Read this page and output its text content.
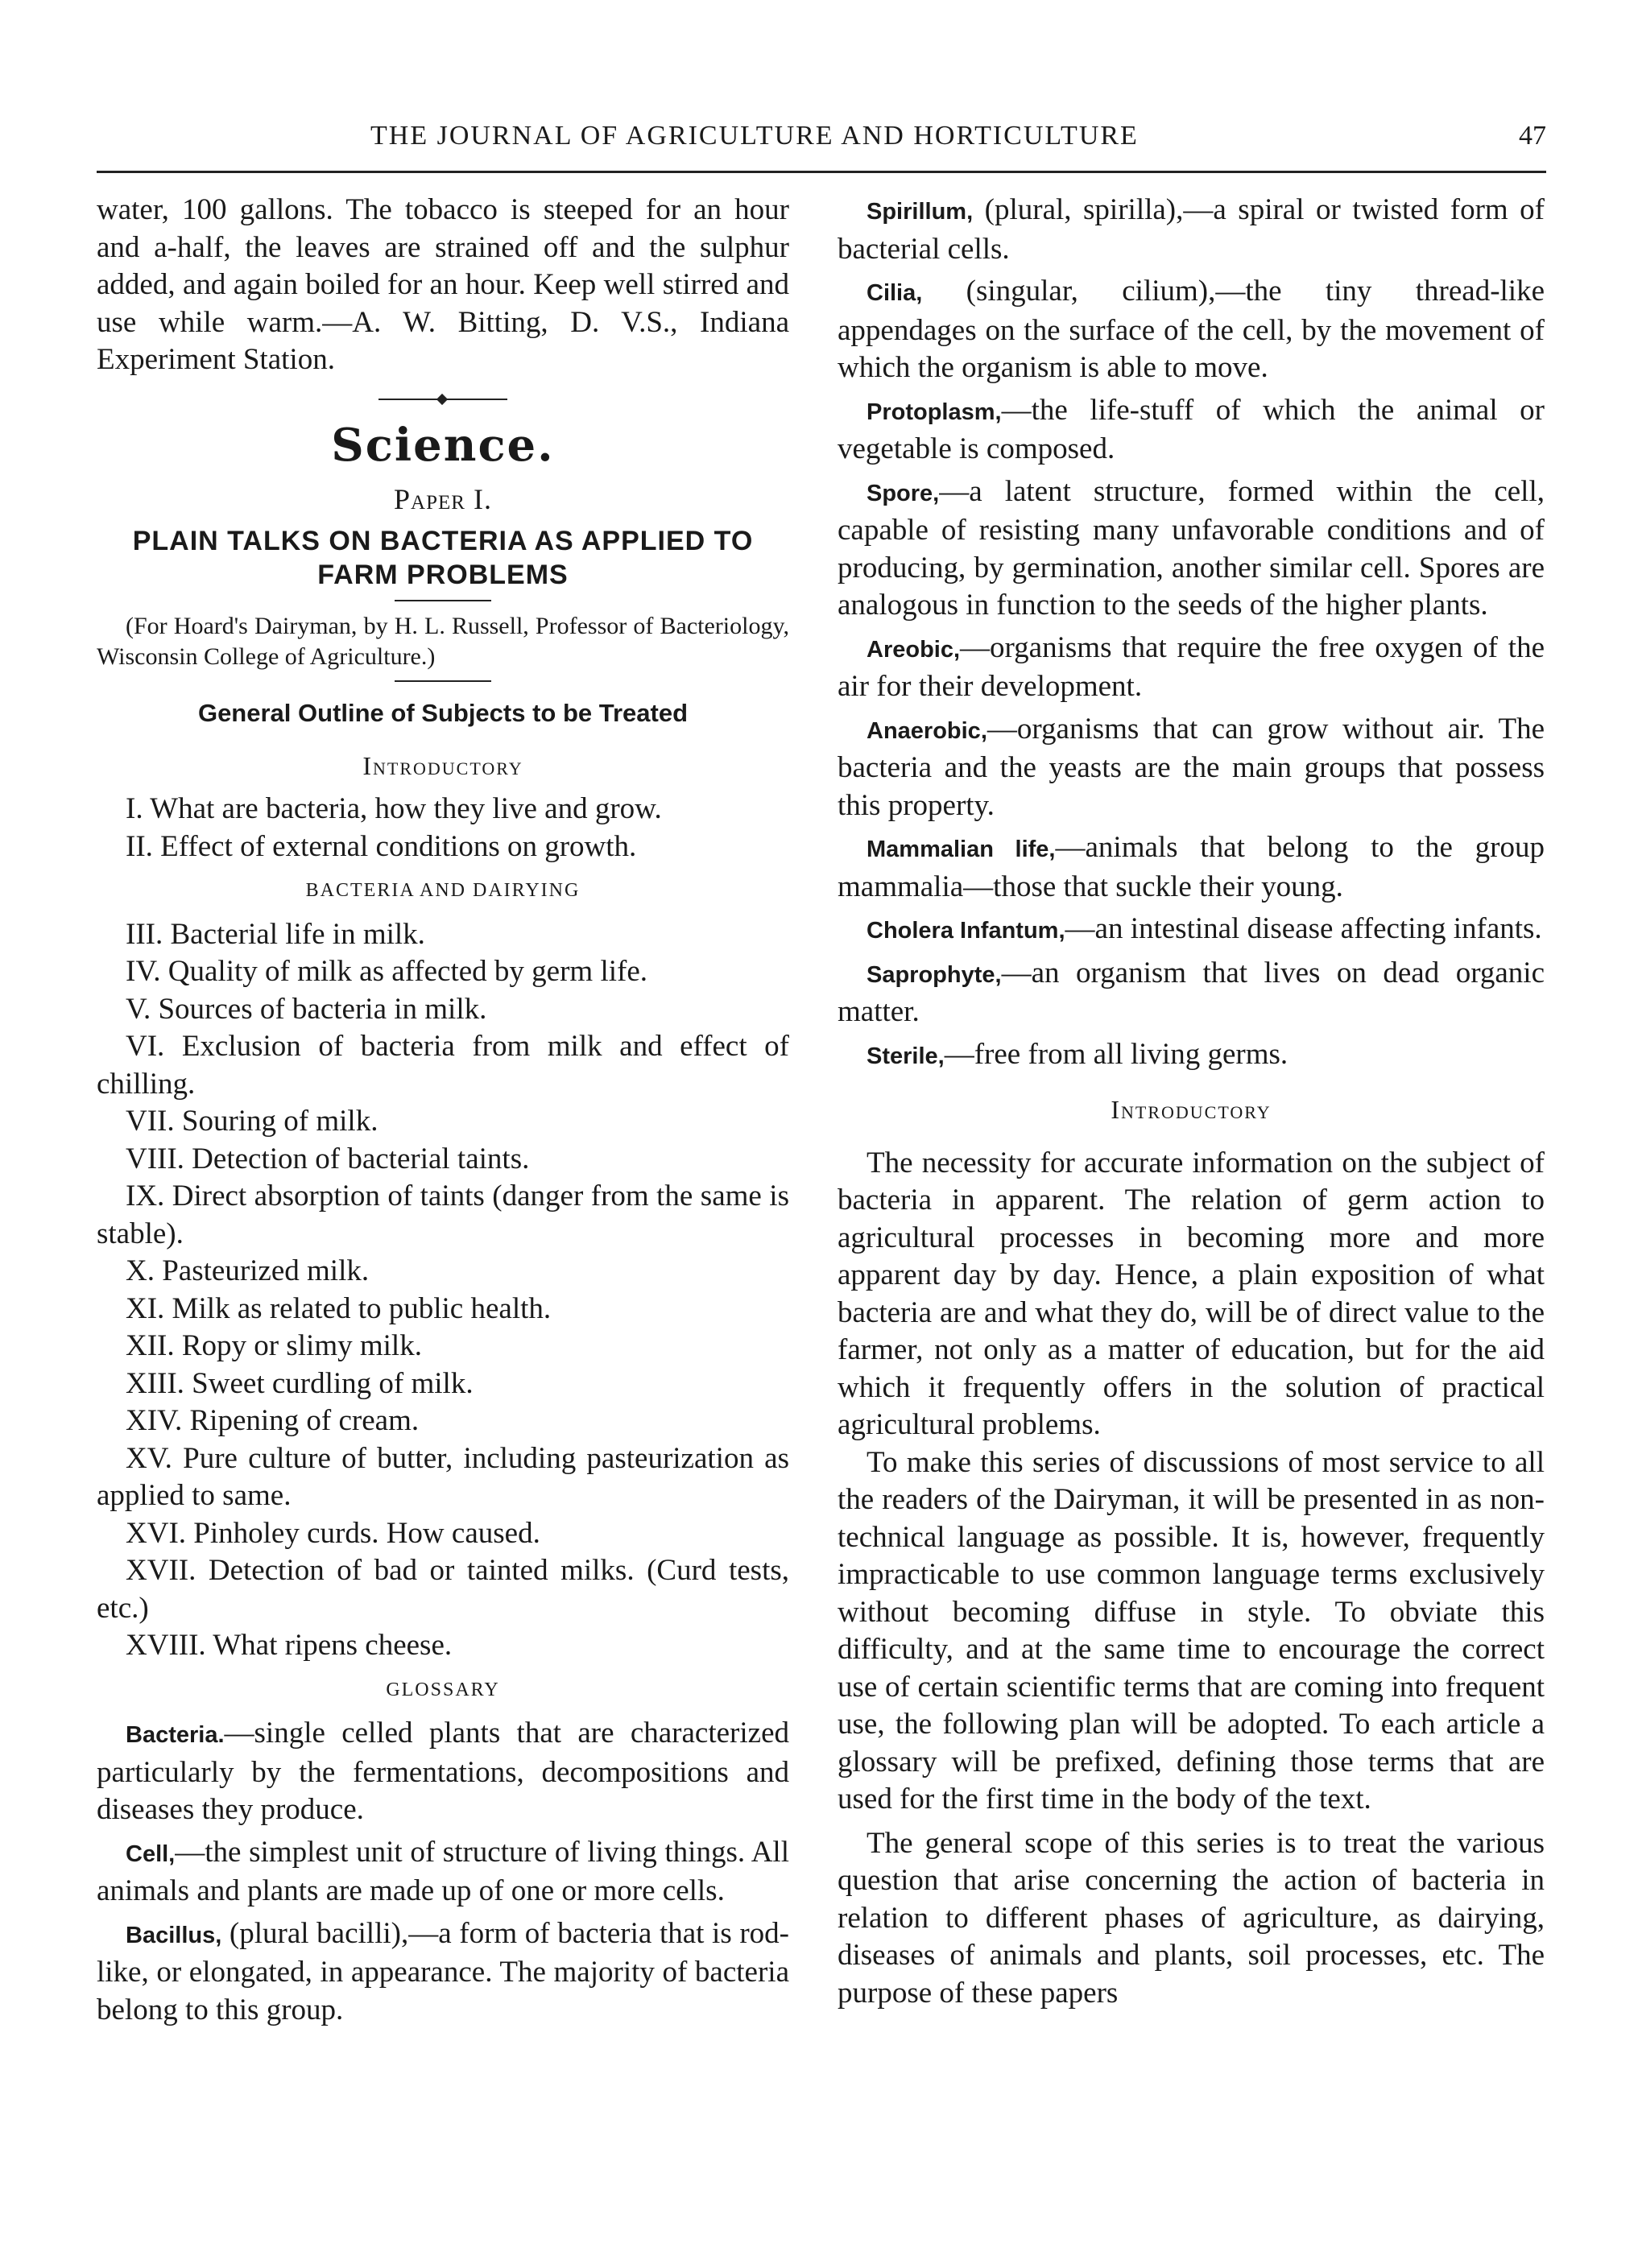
THE JOURNAL OF AGRICULTURE AND HORTICULTURE	47

water, 100 gallons. The tobacco is steeped for an hour and a-half, the leaves are strained off and the sulphur added, and again boiled for an hour. Keep well stirred and use while warm.—A. W. Bitting, D. V.S., Indiana Experiment Station.

Science.
Paper I.
PLAIN TALKS ON BACTERIA AS APPLIED TO FARM PROBLEMS

(For Hoard's Dairyman, by H. L. Russell, Professor of Bacteriology, Wisconsin College of Agriculture.)

General Outline of Subjects to be Treated
Introductory

I. What are bacteria, how they live and grow.

II. Effect of external conditions on growth.

BACTERIA AND DAIRYING

III. Bacterial life in milk.

IV. Quality of milk as affected by germ life.

V. Sources of bacteria in milk.

VI. Exclusion of bacteria from milk and effect of chilling.

VII. Souring of milk.

VIII. Detection of bacterial taints.

IX. Direct absorption of taints (danger from the same is stable).

X. Pasteurized milk.

XI. Milk as related to public health.

XII. Ropy or slimy milk.

XIII. Sweet curdling of milk.

XIV. Ripening of cream.

XV. Pure culture of butter, including pasteurization as applied to same.

XVI. Pinholey curds. How caused.

XVII. Detection of bad or tainted milks. (Curd tests, etc.)

XVIII. What ripens cheese.

GLOSSARY

Bacteria.—single celled plants that are characterized particularly by the fermentations, decompositions and diseases they produce.

Cell,—the simplest unit of structure of living things. All animals and plants are made up of one or more cells.

Bacillus, (plural bacilli),—a form of bacteria that is rod-like, or elongated, in appearance. The majority of bacteria belong to this group.

Spirillum, (plural, spirilla),—a spiral or twisted form of bacterial cells.

Cilia, (singular, cilium),—the tiny thread-like appendages on the surface of the cell, by the movement of which the organism is able to move.

Protoplasm,—the life-stuff of which the animal or vegetable is composed.

Spore,—a latent structure, formed within the cell, capable of resisting many unfavorable conditions and of producing, by germination, another similar cell. Spores are analogous in function to the seeds of the higher plants.

Areobic,—organisms that require the free oxygen of the air for their development.

Anaerobic,—organisms that can grow without air. The bacteria and the yeasts are the main groups that possess this property.

Mammalian life,—animals that belong to the group mammalia—those that suckle their young.

Cholera Infantum,—an intestinal disease affecting infants.

Saprophyte,—an organism that lives on dead organic matter.

Sterile,—free from all living germs.

Introductory

The necessity for accurate information on the subject of bacteria in apparent. The relation of germ action to agricultural processes in becoming more and more apparent day by day. Hence, a plain exposition of what bacteria are and what they do, will be of direct value to the farmer, not only as a matter of education, but for the aid which it frequently offers in the solution of practical agricultural problems.

To make this series of discussions of most service to all the readers of the Dairyman, it will be presented in as non-technical language as possible. It is, however, frequently impracticable to use common language terms exclusively without becoming diffuse in style. To obviate this difficulty, and at the same time to encourage the correct use of certain scientific terms that are coming into frequent use, the following plan will be adopted. To each article a glossary will be prefixed, defining those terms that are used for the first time in the body of the text.

The general scope of this series is to treat the various question that arise concerning the action of bacteria in relation to different phases of agriculture, as dairying, diseases of animals and plants, soil processes, etc. The purpose of these papers
